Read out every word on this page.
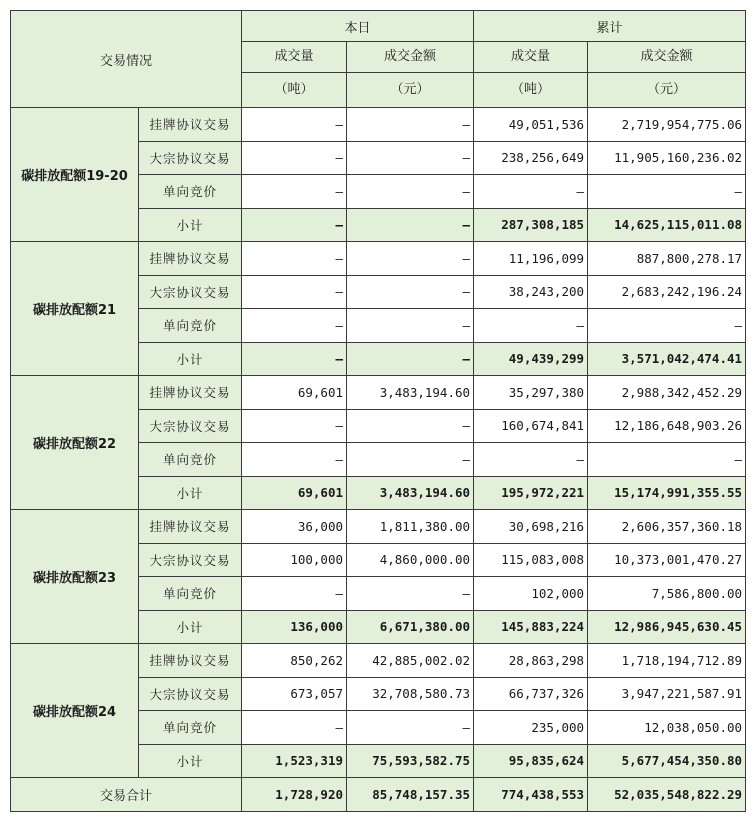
交易情况		本日		累计	
		成交量	成交金额	成交量	成交金额
		（吨）	（元）	（吨）	（元）
碳排放配额19-20	挂牌协议交易	–	–	49,051,536	2,719,954,775.06
	大宗协议交易	–	–	238,256,649	11,905,160,236.02
	单向竞价	–	–	–	–
	小计	–	–	287,308,185	14,625,115,011.08
碳排放配额21	挂牌协议交易	–	–	11,196,099	887,800,278.17
	大宗协议交易	–	–	38,243,200	2,683,242,196.24
	单向竞价	–	–	–	–
	小计	–	–	49,439,299	3,571,042,474.41
碳排放配额22	挂牌协议交易	69,601	3,483,194.60	35,297,380	2,988,342,452.29
	大宗协议交易	–	–	160,674,841	12,186,648,903.26
	单向竞价	–	–	–	–
	小计	69,601	3,483,194.60	195,972,221	15,174,991,355.55
碳排放配额23	挂牌协议交易	36,000	1,811,380.00	30,698,216	2,606,357,360.18
	大宗协议交易	100,000	4,860,000.00	115,083,008	10,373,001,470.27
	单向竞价	–	–	102,000	7,586,800.00
	小计	136,000	6,671,380.00	145,883,224	12,986,945,630.45
碳排放配额24	挂牌协议交易	850,262	42,885,002.02	28,863,298	1,718,194,712.89
	大宗协议交易	673,057	32,708,580.73	66,737,326	3,947,221,587.91
	单向竞价	–	–	235,000	12,038,050.00
	小计	1,523,319	75,593,582.75	95,835,624	5,677,454,350.80
交易合计		1,728,920	85,748,157.35	774,438,553	52,035,548,822.29
